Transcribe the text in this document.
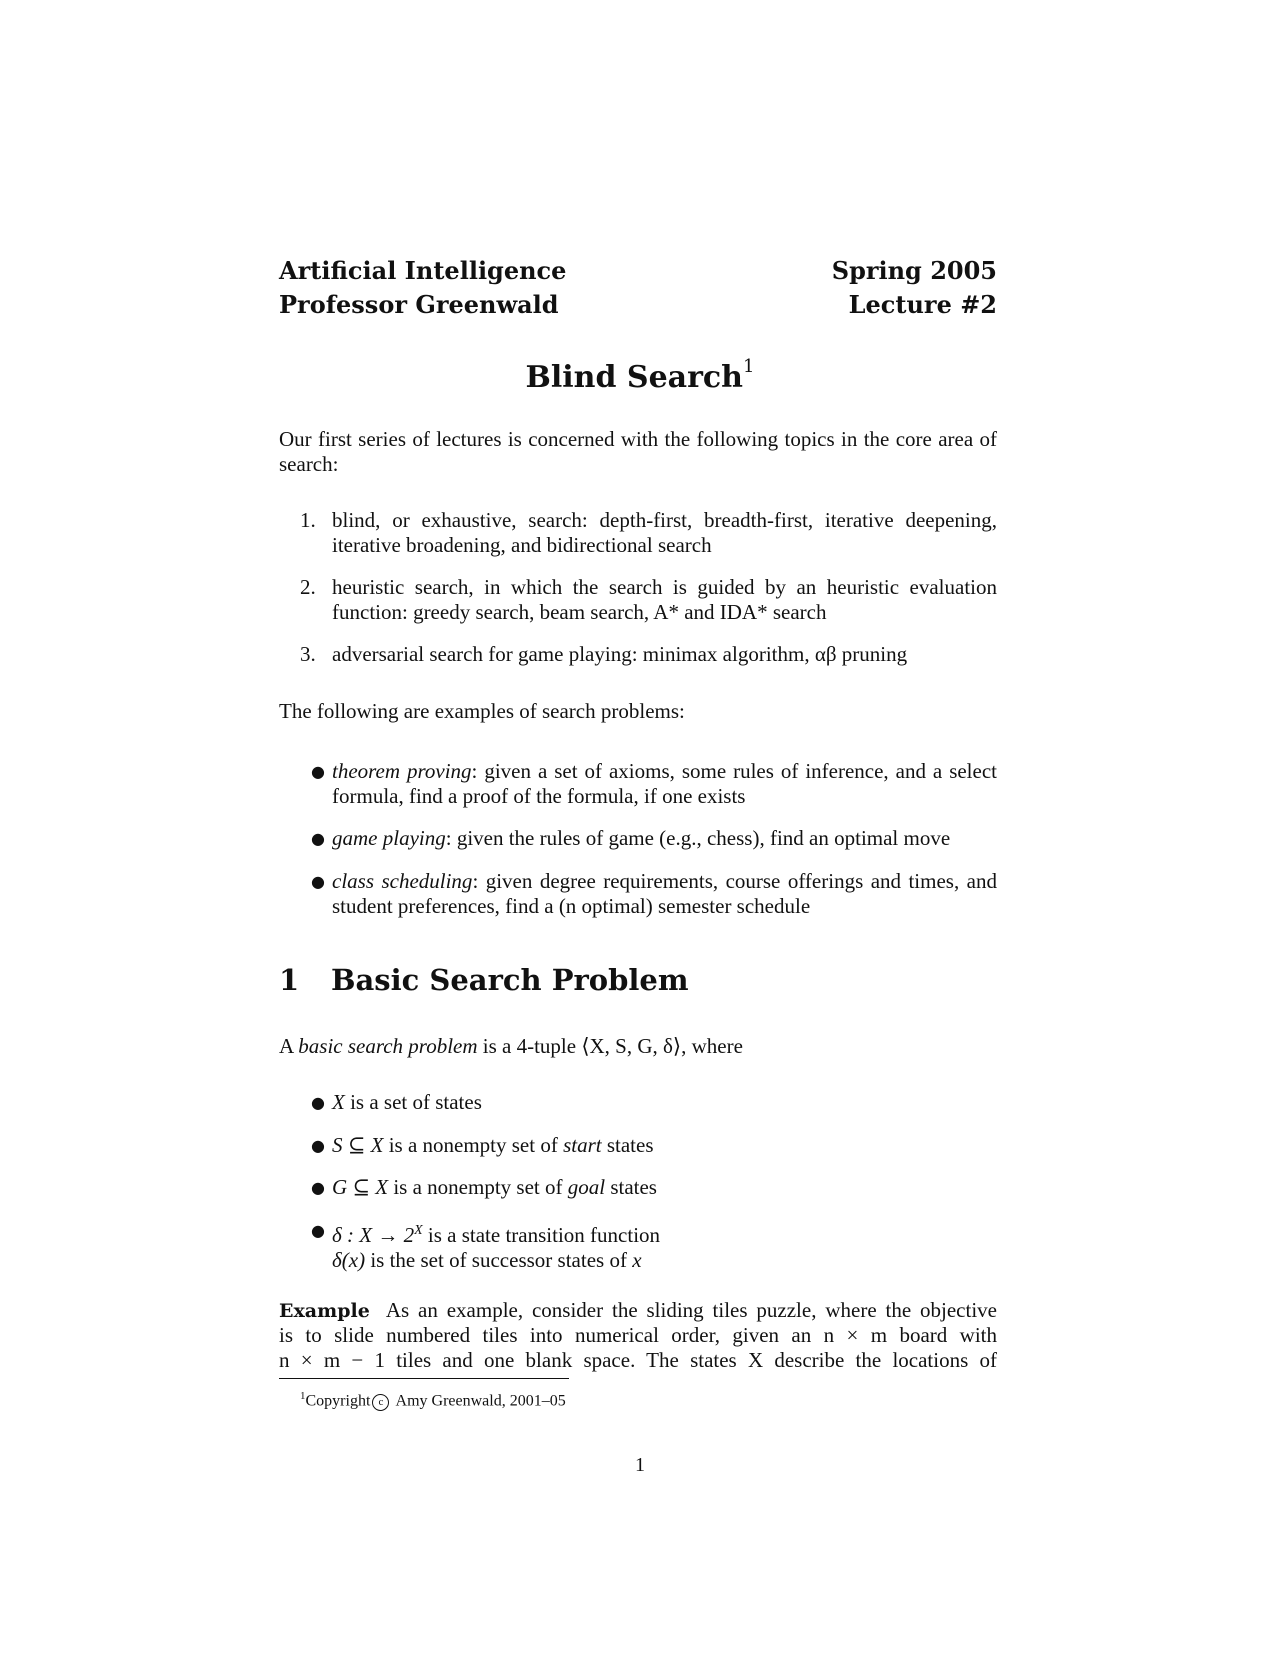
Artificial Intelligence
Professor Greenwald
Spring 2005
Lecture #2
Blind Search$^1$
Our first series of lectures is concerned with the following topics in the core area of search:
1. blind, or exhaustive, search: depth-first, breadth-first, iterative deepening, iterative broadening, and bidirectional search
2. heuristic search, in which the search is guided by an heuristic evaluation function: greedy search, beam search, A* and IDA* search
3. adversarial search for game playing: minimax algorithm, αβ pruning
The following are examples of search problems:
● theorem proving: given a set of axioms, some rules of inference, and a select formula, find a proof of the formula, if one exists
● game playing: given the rules of game (e.g., chess), find an optimal move
● class scheduling: given degree requirements, course offerings and times, and student preferences, find a (n optimal) semester schedule
1 Basic Search Problem
A basic search problem is a 4-tuple ⟨X, S, G, δ⟩, where
● X is a set of states
● S ⊆ X is a nonempty set of start states
● G ⊆ X is a nonempty set of goal states
● δ : $X \to 2^X$ is a state transition function
δ(x) is the set of successor states of x
Example As an example, consider the sliding tiles puzzle, where the objective
is to slide numbered tiles into numerical order, given an n × m board with
n × m − 1 tiles and one blank space. The states X describe the locations of
$^1$Copyright c Amy Greenwald, 2001–05
1
